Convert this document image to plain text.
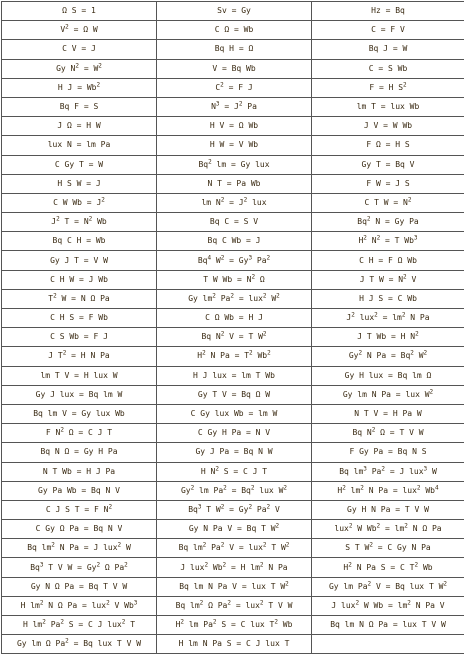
Ω S = 1	Sv = Gy	Hz = Bq
$V^2 = \Omega$ W	C Ω = Wb	C = F V
C V = J	Bq H = Ω	Bq J = W
Gy $N^2 = W^2$	V = Bq Wb	C = S Wb
H $J = Wb^2$	$C^2 = F$ J	F = H $S^2$
Bq F = S	$N^3 = J^2$ Pa	lm T = lux Wb
J Ω = H W	H V = Ω Wb	J V = W Wb
lux N = lm Pa	H W = V Wb	F Ω = H S
C Gy T = W	Bq$^2$ lm = Gy lux	Gy T = Bq V
H S W = J	N T = Pa Wb	F W = J S
C W $Wb = J^2$	lm $N^2 = J^2$ lux	C T $W = N^2$
$J^2$ $T = N^2$ Wb	Bq C = S V	Bq$^2$ N = Gy Pa
Bq C H = Wb	Bq C Wb = J	$H^2$ $N^2 = T$ Wb$^3$
Gy J T = V W	Bq$^4$ $W^2 = Gy^3$ Pa$^2$	C H = F Ω Wb
C H W = J Wb	T W $Wb = N^2$ Ω	J T $W = N^2$ V
$T^2$ W = N Ω Pa	Gy $lm^2$ $Pa^2 = lux^2$ $W^2$	H J S = C Wb
C H S = F Wb	C Ω Wb = H J	$J^2$ $lux^2 = lm^2$ N Pa
C S Wb = F J	Bq $N^2$ V = T $W^2$	J T Wb = H $N^2$
J $T^2 = H$ N Pa	$H^2$ N $Pa = T^2$ Wb$^2$	Gy$^2$ N $Pa = Bq^2$ $W^2$
lm T V = H lux W	H J lux = lm T Wb	Gy H lux = Bq lm Ω
Gy J lux = Bq lm W	Gy T V = Bq Ω W	Gy lm N Pa = lux $W^2$
Bq lm V = Gy lux Wb	C Gy lux Wb = lm W	N T V = H Pa W
F $N^2$ Ω = C J T	C Gy H Pa = N V	Bq $N^2$ Ω = T V W
Bq N Ω = Gy H Pa	Gy J Pa = Bq N W	F Gy Pa = Bq N S
N T Wb = H J Pa	H $N^2$ S = C J T	Bq $lm^3$ $Pa^2 = J$ lux$^3$ W
Gy Pa Wb = Bq N V	Gy$^2$ lm $Pa^2 = Bq^2$ lux $W^2$	$H^2$ $lm^2$ N Pa = lux$^2$ Wb$^4$
C J S T = F $N^2$	Bq$^3$ T $W^2 = Gy^2$ Pa$^2$ V	Gy H N Pa = T V W
C Gy Ω Pa = Bq N V	Gy N Pa V = Bq T $W^2$	lux$^2$ W $Wb^2 = lm^2$ N Ω Pa
Bq $lm^2$ N Pa = J lux$^2$ W	Bq $lm^2$ Pa$^2$ V = lux$^2$ T $W^2$	S T $W^2 = C$ Gy N Pa
Bq$^3$ T V $W = Gy^2$ Ω Pa$^2$	J lux$^2$ $Wb^2 = H$ $lm^2$ N Pa	$H^2$ N Pa S = C $T^2$ Wb
Gy N Ω Pa = Bq T V W	Bq lm N Pa V = lux T $W^2$	Gy lm Pa$^2$ V = Bq lux T $W^2$
H $lm^2$ N Ω Pa = lux$^2$ V Wb$^3$	Bq $lm^2$ Ω $Pa^2 = lux^2$ T V W	J lux$^2$ W $Wb = lm^2$ N Pa V
H $lm^2$ Pa$^2$ S = C J lux$^2$ T	$H^2$ lm Pa$^2$ S = C lux $T^2$ Wb	Bq lm N Ω Pa = lux T V W
Gy lm Ω $Pa^2 = Bq$ lux T V W	H lm N Pa S = C J lux T	
